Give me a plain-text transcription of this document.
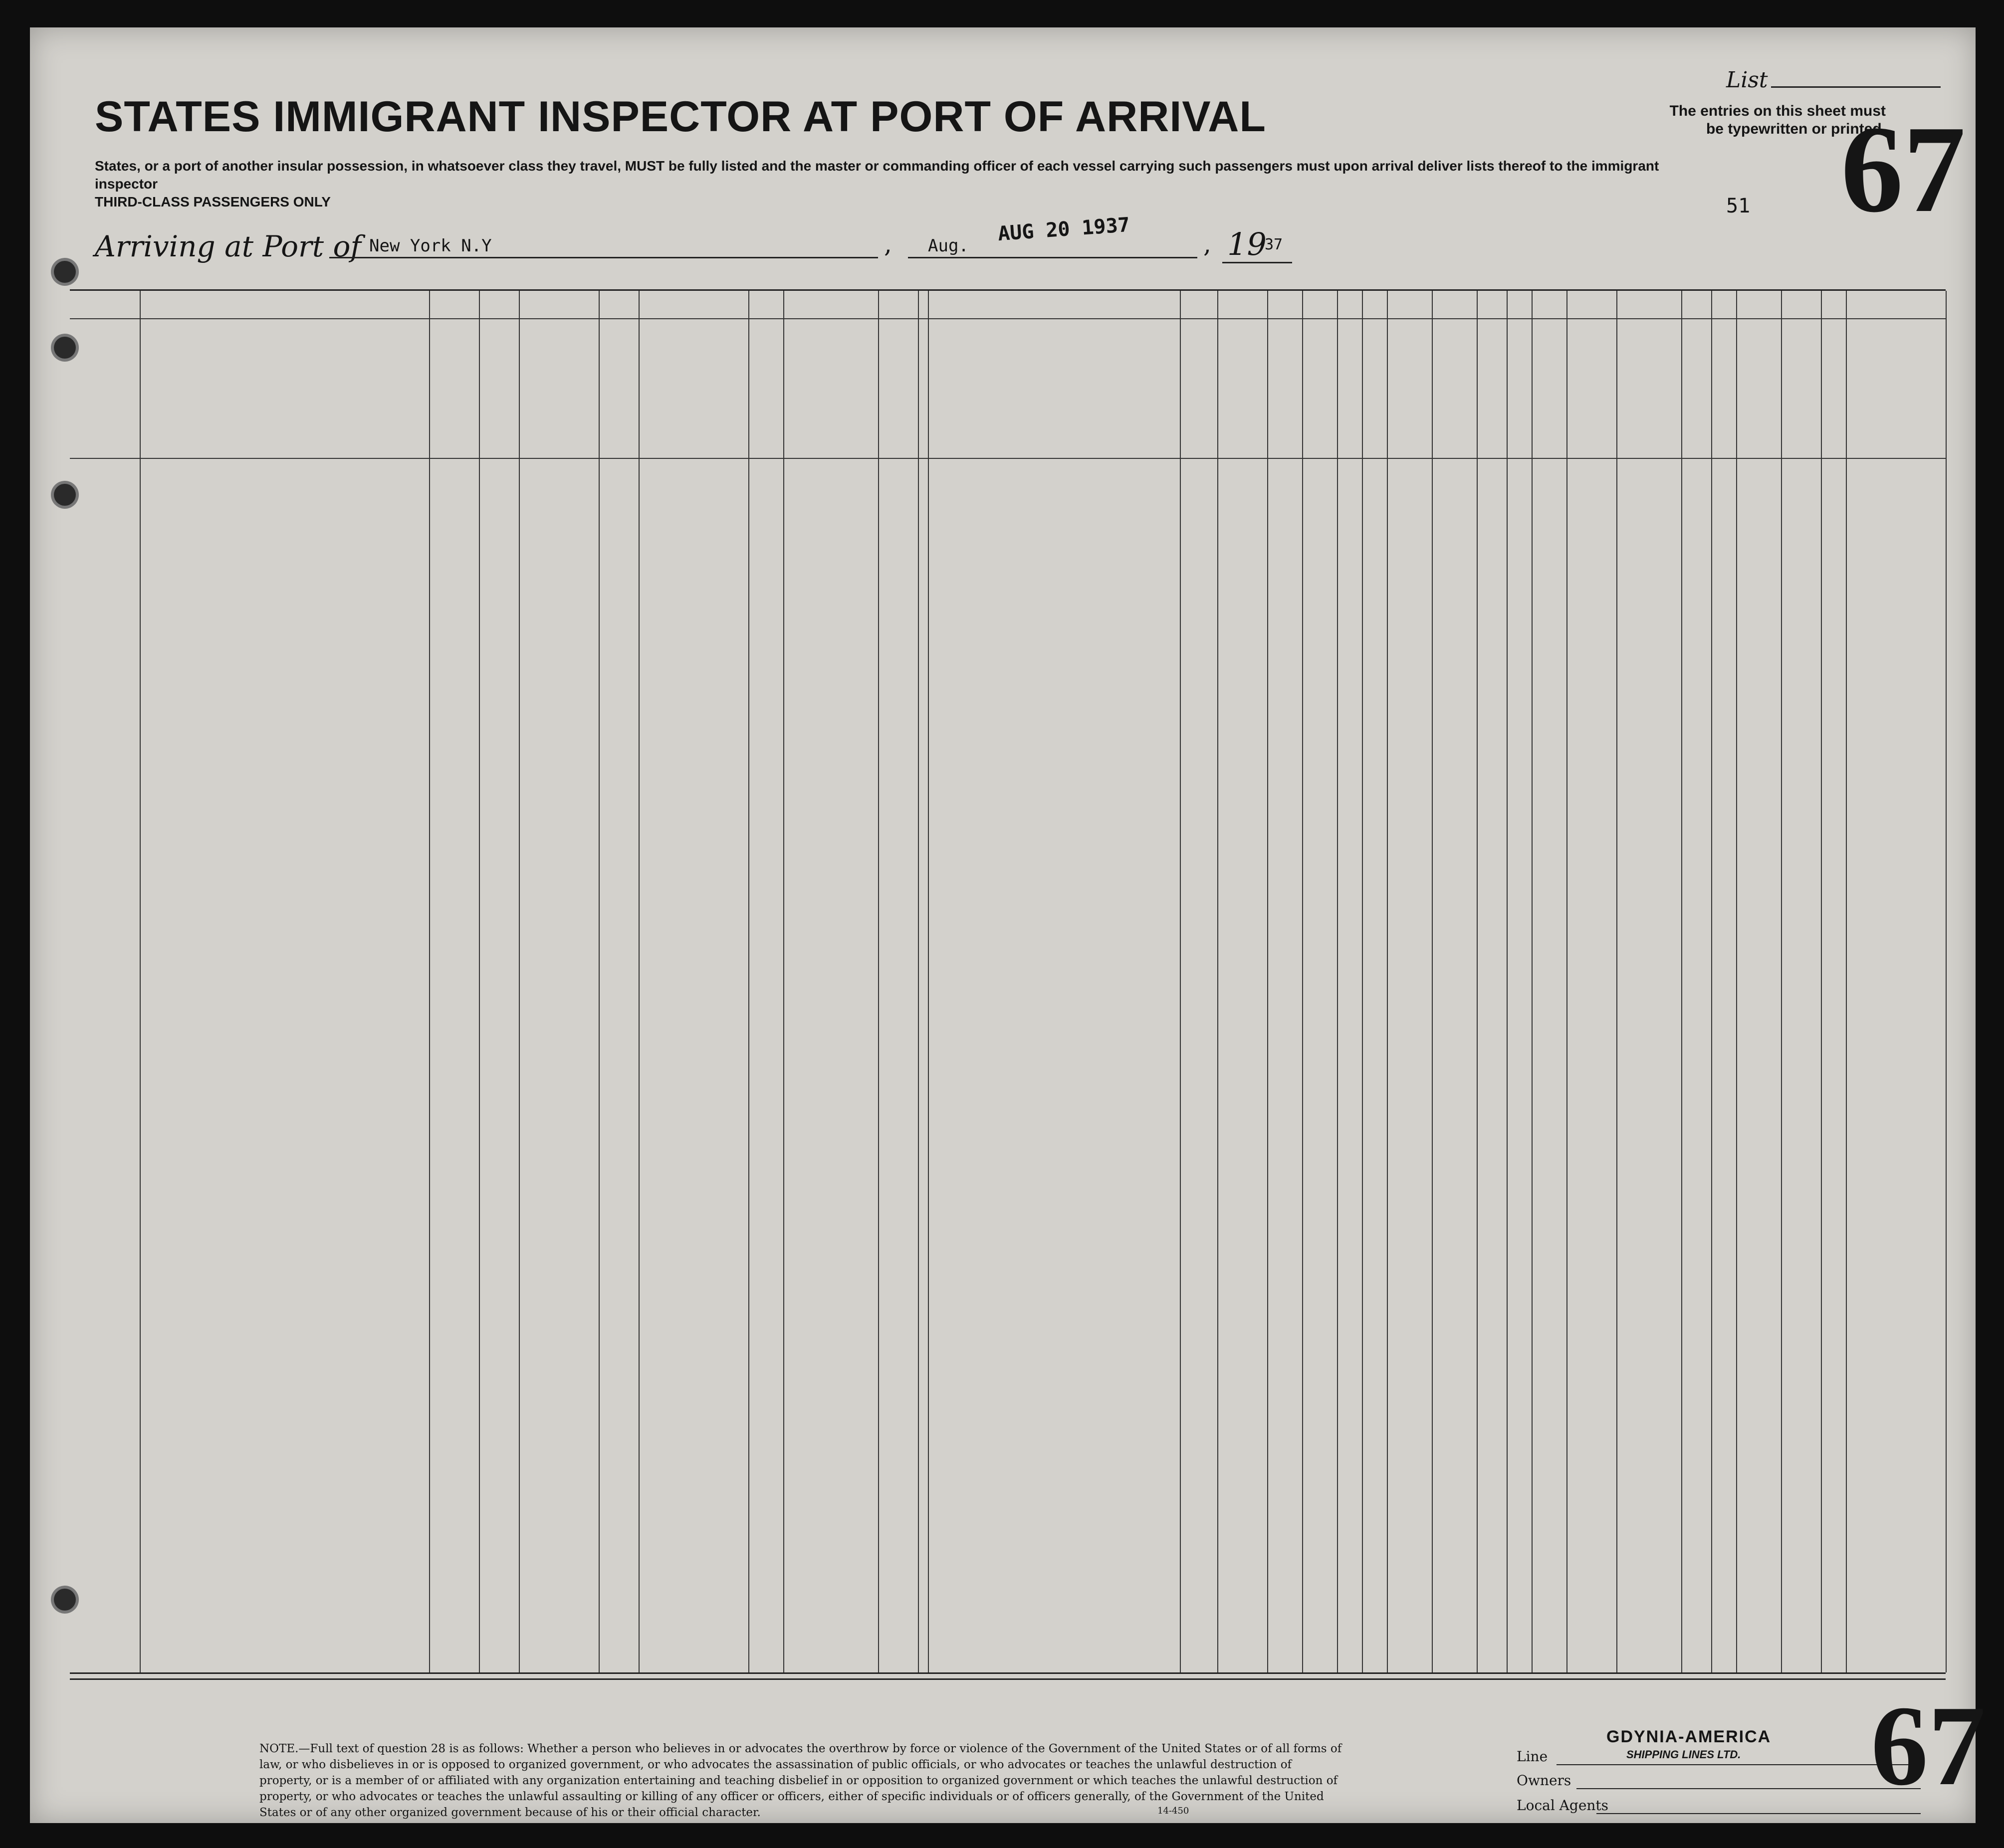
STATES IMMIGRANT INSPECTOR AT PORT OF ARRIVAL
States, or a port of another insular possession, in whatsoever class they travel, MUST be fully listed and the master or commanding officer of each vessel carrying such passengers must upon arrival deliver lists thereof to the immigrant inspector
THIRD-CLASS PASSENGERS ONLY
List
The entries on this sheet must be typewritten or printed.
67
51
Arriving at Port of New York N.Y	, Aug.
AUG 20 1937	, 19
37
NOTE.—Full text of question 28 is as follows: Whether a person who believes in or advocates the overthrow by force or violence of the Government of the United States or of all forms of law, or who disbelieves in or is opposed to organized government, or who advocates the assassination of public officials, or who advocates or teaches the unlawful destruction of property, or is a member of or affiliated with any organization entertaining and teaching disbelief in or opposition to organized government or which teaches the unlawful destruction of property, or who advocates or teaches the unlawful assaulting or killing of any officer or officers, either of specific individuals or of officers generally, of the Government of the United States or of any other organized government because of his or their official character.	14-450
Line
GDYNIA-AMERICA
SHIPPING LINES LTD.
Owners
Local Agents 67
